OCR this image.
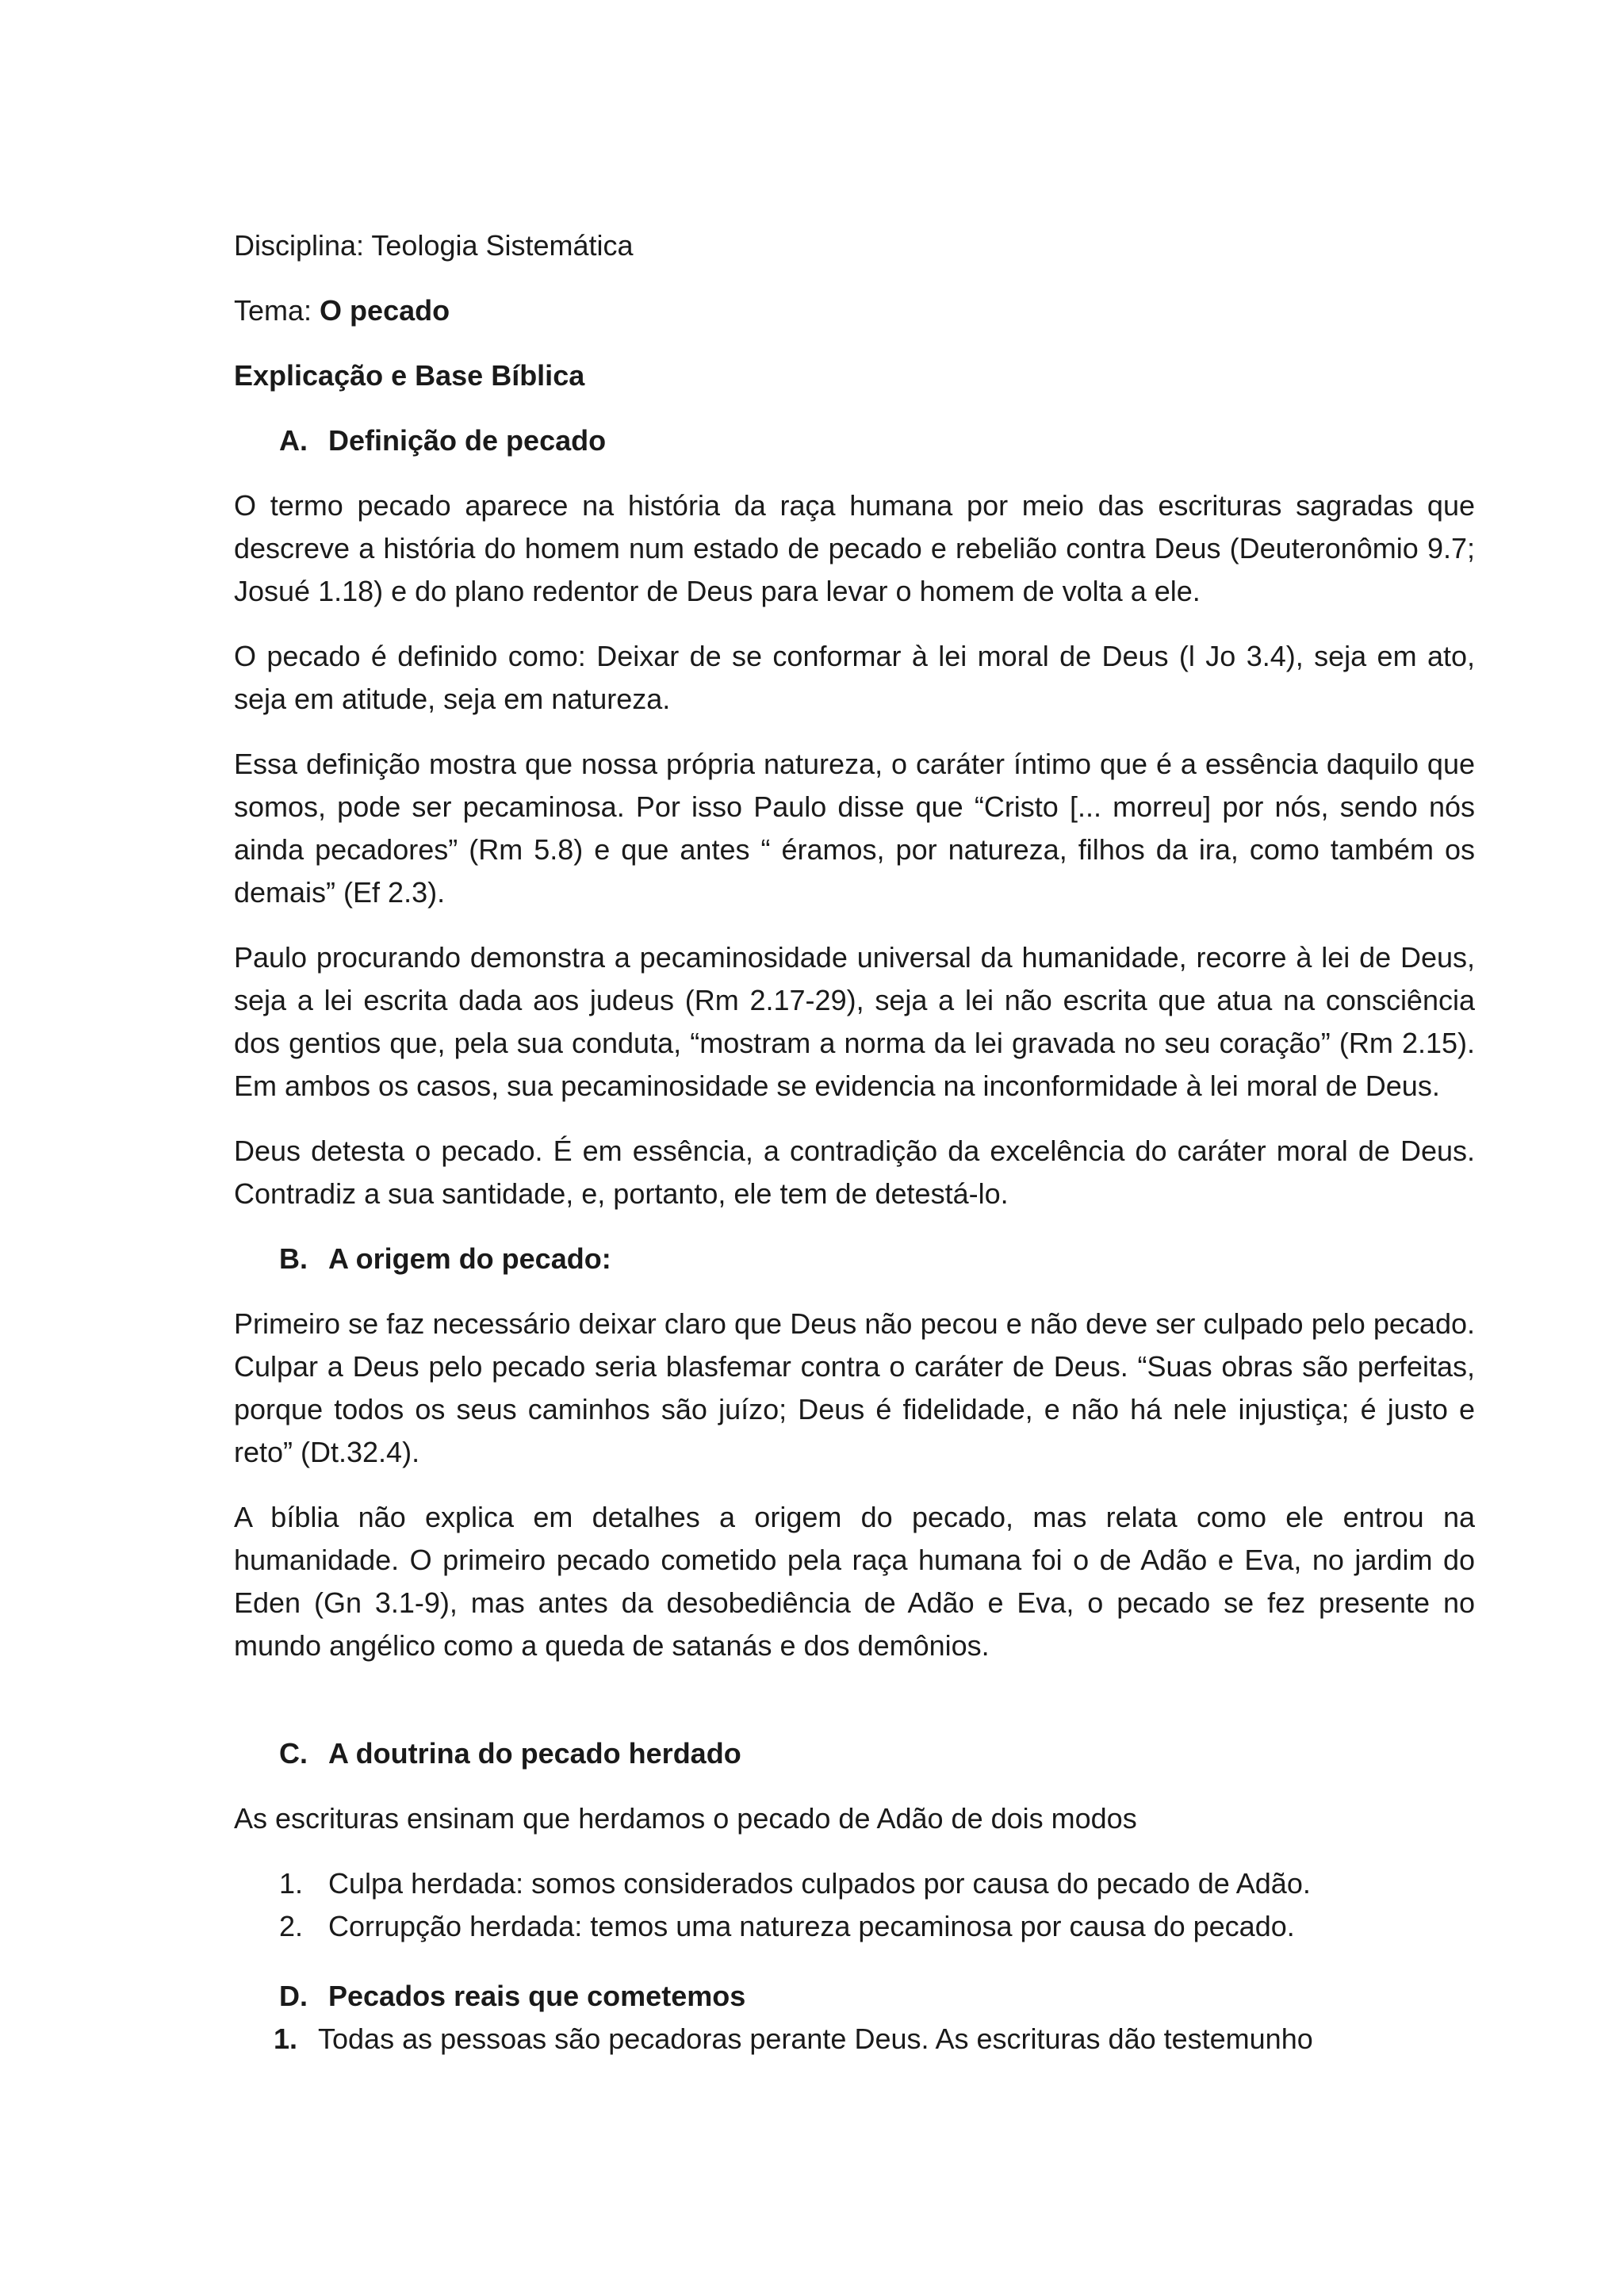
Disciplina: Teologia Sistemática
Tema: O pecado
Explicação e Base Bíblica
A. Definição de pecado

O termo pecado aparece na história da raça humana por meio das escrituras sagradas que descreve a história do homem num estado de pecado e rebelião contra Deus (Deuteronômio 9.7; Josué 1.18) e do plano redentor de Deus para levar o homem de volta a ele.

O pecado é definido como: Deixar de se conformar à lei moral de Deus (l Jo 3.4), seja em ato, seja em atitude, seja em natureza.

Essa definição mostra que nossa própria natureza, o caráter íntimo que é a essência daquilo que somos, pode ser pecaminosa. Por isso Paulo disse que “Cristo [... morreu] por nós, sendo nós ainda pecadores” (Rm 5.8) e que antes “ éramos, por natureza, filhos da ira, como também os demais” (Ef 2.3).

Paulo procurando demonstra a pecaminosidade universal da humanidade, recorre à lei de Deus, seja a lei escrita dada aos judeus (Rm 2.17-29), seja a lei não escrita que atua na consciência dos gentios que, pela sua conduta, “mostram a norma da lei gravada no seu coração” (Rm 2.15). Em ambos os casos, sua pecaminosidade se evidencia na inconformidade à lei moral de Deus.

Deus detesta o pecado. É em essência, a contradição da excelência do caráter moral de Deus. Contradiz a sua santidade, e, portanto, ele tem de detestá-lo.

B. A origem do pecado:

Primeiro se faz necessário deixar claro que Deus não pecou e não deve ser culpado pelo pecado. Culpar a Deus pelo pecado seria blasfemar contra o caráter de Deus. “Suas obras são perfeitas, porque todos os seus caminhos são juízo; Deus é fidelidade, e não há nele injustiça; é justo e reto” (Dt.32.4).

A bíblia não explica em detalhes a origem do pecado, mas relata como ele entrou na humanidade. O primeiro pecado cometido pela raça humana foi o de Adão e Eva, no jardim do Eden (Gn 3.1-9), mas antes da desobediência de Adão e Eva, o pecado se fez presente no mundo angélico como a queda de satanás e dos demônios.

C. A doutrina do pecado herdado

As escrituras ensinam que herdamos o pecado de Adão de dois modos

1. Culpa herdada: somos considerados culpados por causa do pecado de Adão.
2. Corrupção herdada: temos uma natureza pecaminosa por causa do pecado.
D. Pecados reais que cometemos
1. Todas as pessoas são pecadoras perante Deus. As escrituras dão testemunho
